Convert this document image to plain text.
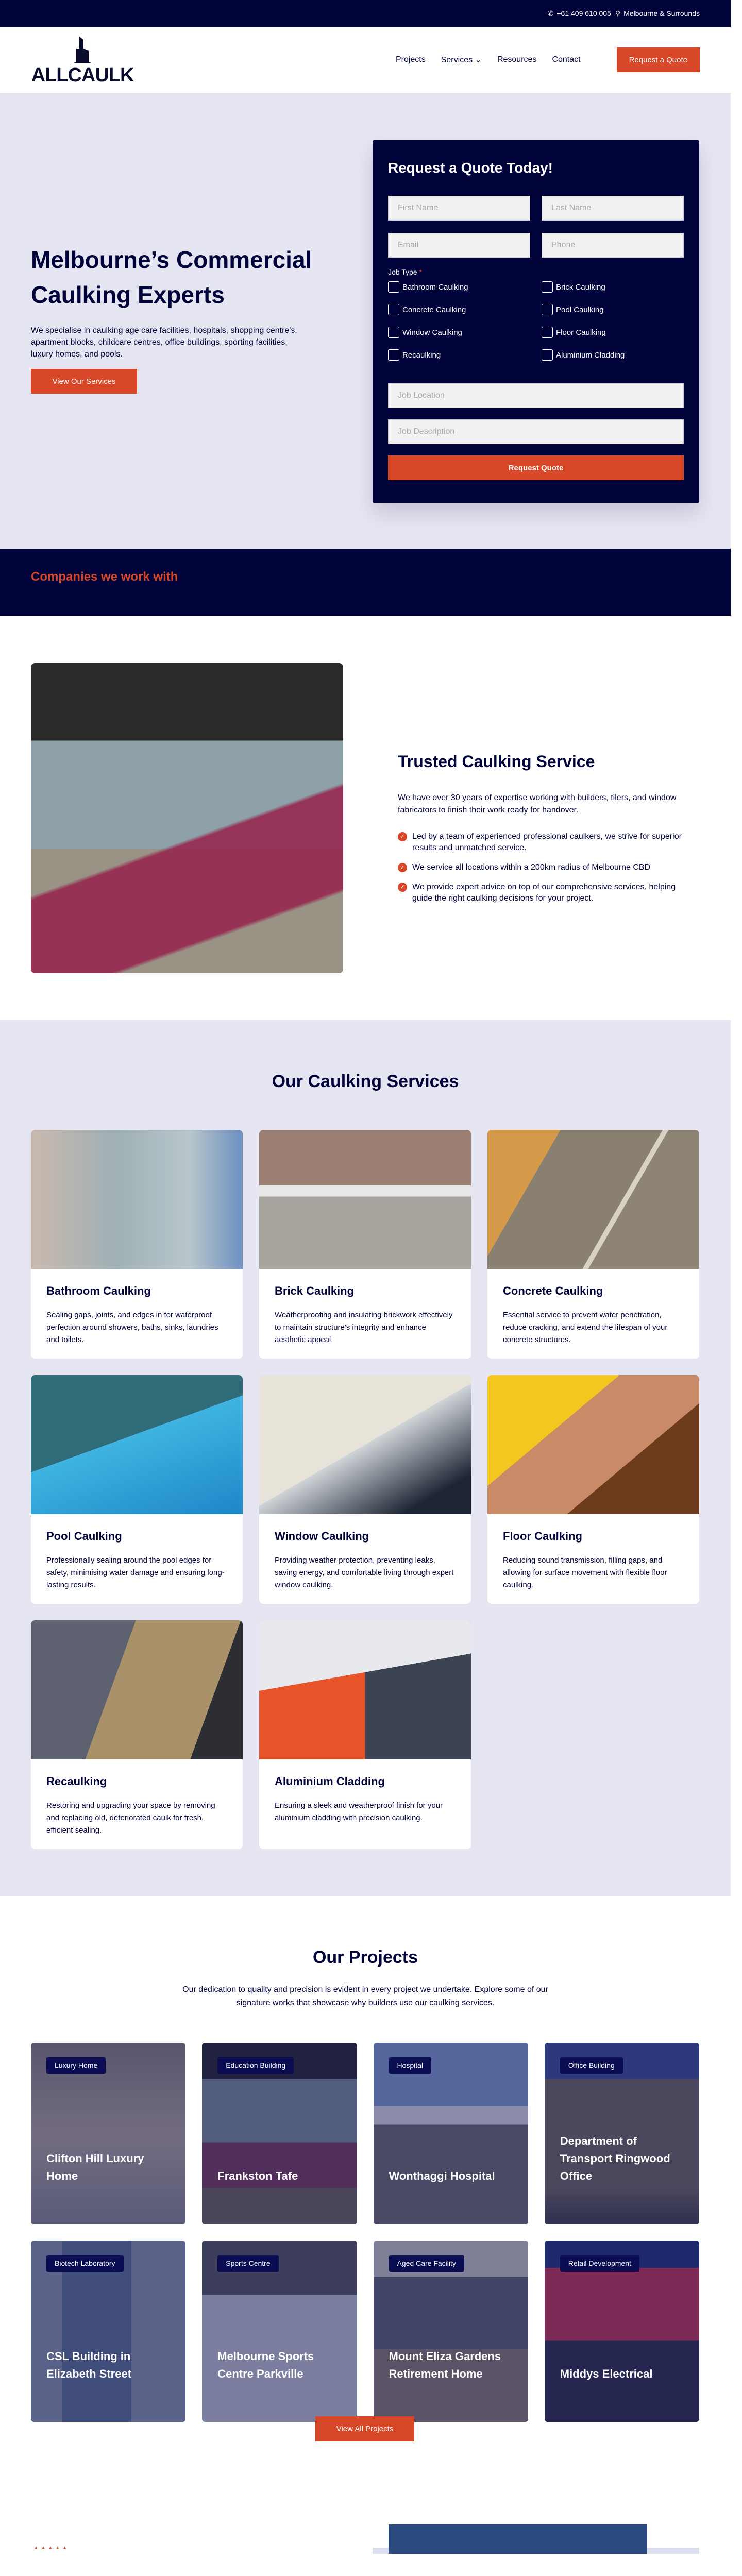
✆ +61 409 610 005 ⚲ Melbourne & Surrounds
ALLCAULK
Projects Services ⌄ Resources Contact	Request a Quote
Melbourne’s Commercial Caulking Experts

We specialise in caulking age care facilities, hospitals, shopping centre's, apartment blocks, childcare centres, office buildings, sporting facilities, luxury homes, and pools.

View Our Services
Request a Quote Today!
First Name
Last Name
Email
Phone
Job Type *
Bathroom Caulking	Brick Caulking
Concrete Caulking	Pool Caulking
Window Caulking	Floor Caulking
Recaulking	Aluminium Cladding
Job Location
Job Description Request Quote
Companies we work with
Trusted Caulking Service

We have over 30 years of expertise working with builders, tilers, and window fabricators to finish their work ready for handover.

✓ Led by a team of experienced professional caulkers, we strive for superior results and unmatched service.
✓ We service all locations within a 200km radius of Melbourne CBD
✓ We provide expert advice on top of our comprehensive services, helping guide the right caulking decisions for your project.
Our Caulking Services
Bathroom Caulking

Sealing gaps, joints, and edges in for waterproof perfection around showers, baths, sinks, laundries and toilets.

Brick Caulking

Weatherproofing and insulating brickwork effectively to maintain structure's integrity and enhance aesthetic appeal.

Concrete Caulking

Essential service to prevent water penetration, reduce cracking, and extend the lifespan of your concrete structures.

Pool Caulking

Professionally sealing around the pool edges for safety, minimising water damage and ensuring long-lasting results.

Window Caulking

Providing weather protection, preventing leaks, saving energy, and comfortable living through expert window caulking.

Floor Caulking

Reducing sound transmission, filling gaps, and allowing for surface movement with flexible floor caulking.

Recaulking

Restoring and upgrading your space by removing and replacing old, deteriorated caulk for fresh, efficient sealing.

Aluminium Cladding

Ensuring a sleek and weatherproof finish for your aluminium cladding with precision caulking.

Our Projects

Our dedication to quality and precision is evident in every project we undertake. Explore some of our signature works that showcase why builders use our caulking services.

Luxury Home
Clifton Hill Luxury Home
Education Building
Frankston Tafe
Hospital
Wonthaggi Hospital
Office Building
Department of Transport Ringwood Office
Biotech Laboratory
CSL Building in Elizabeth Street
Sports Centre
Melbourne Sports Centre Parkville
Aged Care Facility
Mount Eliza Gardens Retirement Home
Retail Development
Middys Electrical
View All Projects
▲▲▲▲▲
